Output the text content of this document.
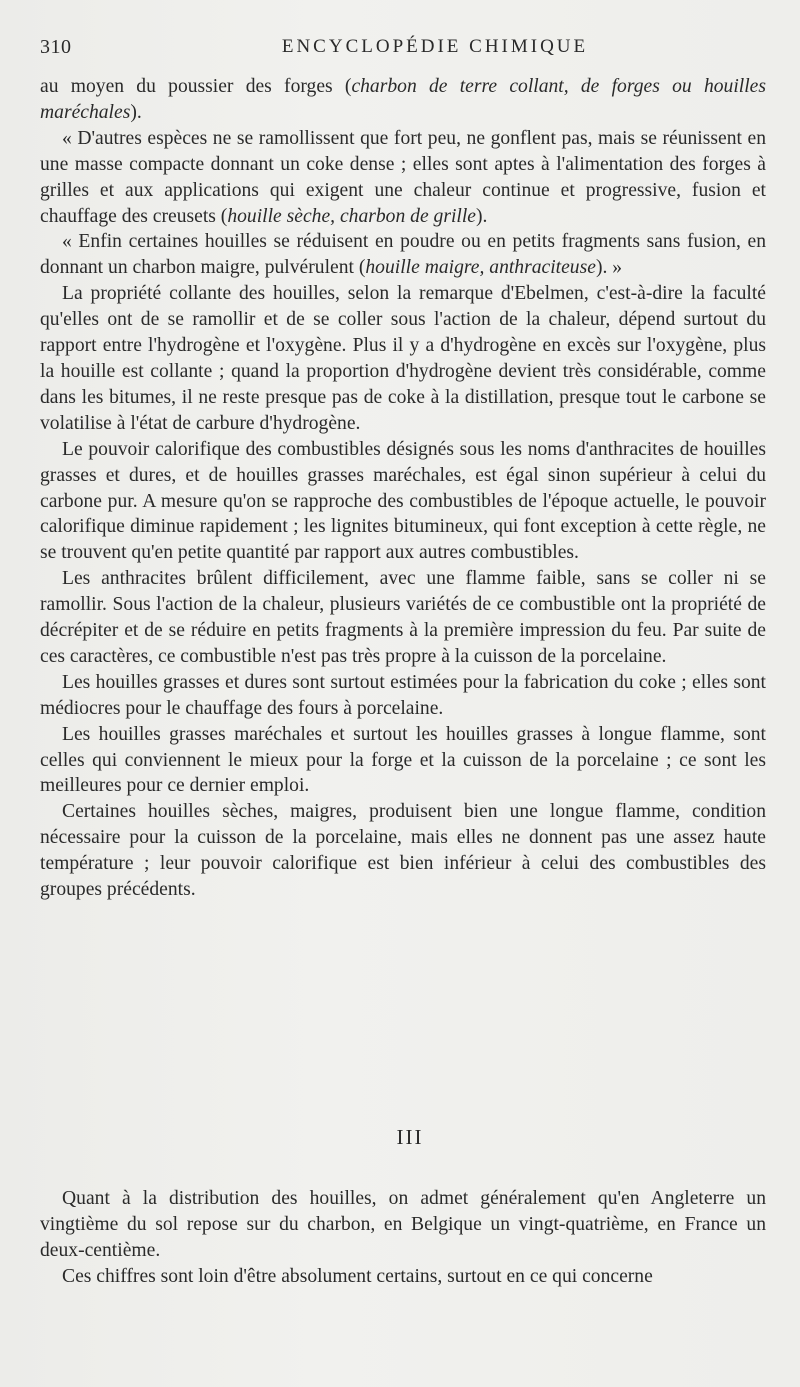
310	ENCYCLOPÉDIE CHIMIQUE

au moyen du poussier des forges (charbon de terre collant, de forges ou houilles maréchales).

« D'autres espèces ne se ramollissent que fort peu, ne gonflent pas, mais se réunissent en une masse compacte donnant un coke dense ; elles sont aptes à l'alimentation des forges à grilles et aux applications qui exigent une chaleur continue et progressive, fusion et chauffage des creusets (houille sèche, charbon de grille).

« Enfin certaines houilles se réduisent en poudre ou en petits fragments sans fusion, en donnant un charbon maigre, pulvérulent (houille maigre, anthraciteuse). »

La propriété collante des houilles, selon la remarque d'Ebelmen, c'est-à-dire la faculté qu'elles ont de se ramollir et de se coller sous l'action de la chaleur, dépend surtout du rapport entre l'hydrogène et l'oxygène. Plus il y a d'hydrogène en excès sur l'oxygène, plus la houille est collante ; quand la proportion d'hydrogène devient très considérable, comme dans les bitumes, il ne reste presque pas de coke à la distillation, presque tout le carbone se volatilise à l'état de carbure d'hydrogène.

Le pouvoir calorifique des combustibles désignés sous les noms d'anthracites de houilles grasses et dures, et de houilles grasses maréchales, est égal sinon supérieur à celui du carbone pur. A mesure qu'on se rapproche des combustibles de l'époque actuelle, le pouvoir calorifique diminue rapidement ; les lignites bitumineux, qui font exception à cette règle, ne se trouvent qu'en petite quantité par rapport aux autres combustibles.

Les anthracites brûlent difficilement, avec une flamme faible, sans se coller ni se ramollir. Sous l'action de la chaleur, plusieurs variétés de ce combustible ont la propriété de décrépiter et de se réduire en petits fragments à la première impression du feu. Par suite de ces caractères, ce combustible n'est pas très propre à la cuisson de la porcelaine.

Les houilles grasses et dures sont surtout estimées pour la fabrication du coke ; elles sont médiocres pour le chauffage des fours à porcelaine.

Les houilles grasses maréchales et surtout les houilles grasses à longue flamme, sont celles qui conviennent le mieux pour la forge et la cuisson de la porcelaine ; ce sont les meilleures pour ce dernier emploi.

Certaines houilles sèches, maigres, produisent bien une longue flamme, condition nécessaire pour la cuisson de la porcelaine, mais elles ne donnent pas une assez haute température ; leur pouvoir calorifique est bien inférieur à celui des combustibles des groupes précédents.

III

Quant à la distribution des houilles, on admet généralement qu'en Angleterre un vingtième du sol repose sur du charbon, en Belgique un vingt-quatrième, en France un deux-centième.

Ces chiffres sont loin d'être absolument certains, surtout en ce qui concerne
